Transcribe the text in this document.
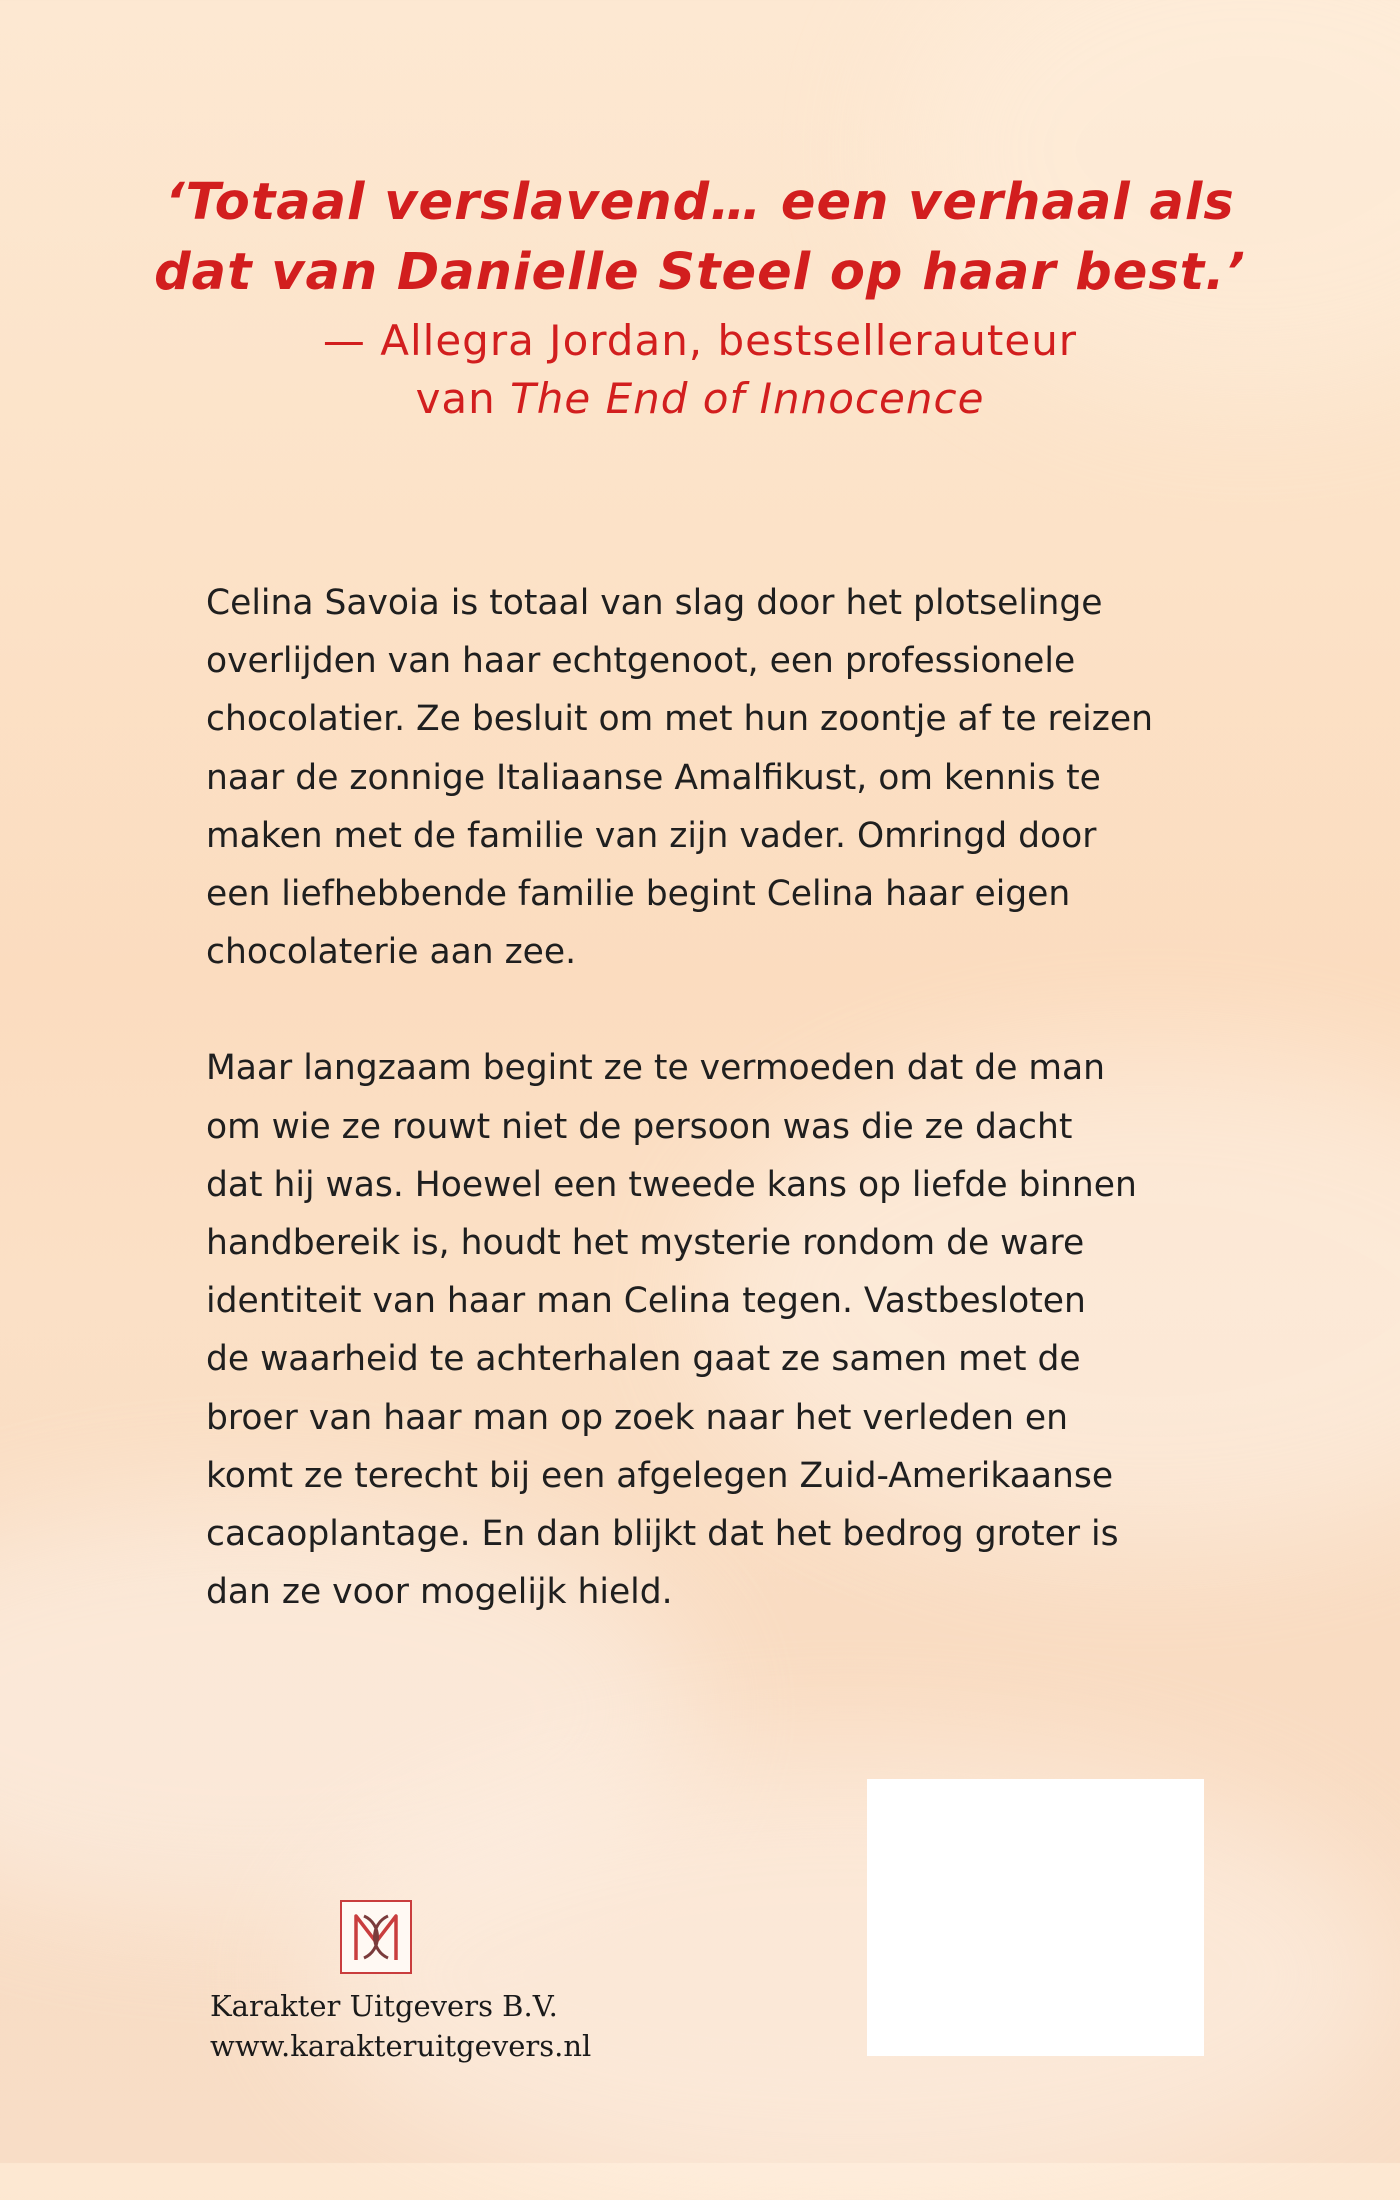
‘Totaal verslavend… een verhaal als
dat van Danielle Steel op haar best.’

— Allegra Jordan, bestsellerauteur
van The End of Innocence
Celina Savoia is totaal van slag door het plotselinge
overlijden van haar echtgenoot, een professionele
chocolatier. Ze besluit om met hun zoontje af te reizen
naar de zonnige Italiaanse Amalfikust, om kennis te
maken met de familie van zijn vader. Omringd door
een liefhebbende familie begint Celina haar eigen
chocolaterie aan zee.
Maar langzaam begint ze te vermoeden dat de man
om wie ze rouwt niet de persoon was die ze dacht
dat hij was. Hoewel een tweede kans op liefde binnen
handbereik is, houdt het mysterie rondom de ware
identiteit van haar man Celina tegen. Vastbesloten
de waarheid te achterhalen gaat ze samen met de
broer van haar man op zoek naar het verleden en
komt ze terecht bij een afgelegen Zuid-Amerikaanse
cacaoplantage. En dan blijkt dat het bedrog groter is
dan ze voor mogelijk hield.
Karakter Uitgevers B.V.
www.karakteruitgevers.nl
